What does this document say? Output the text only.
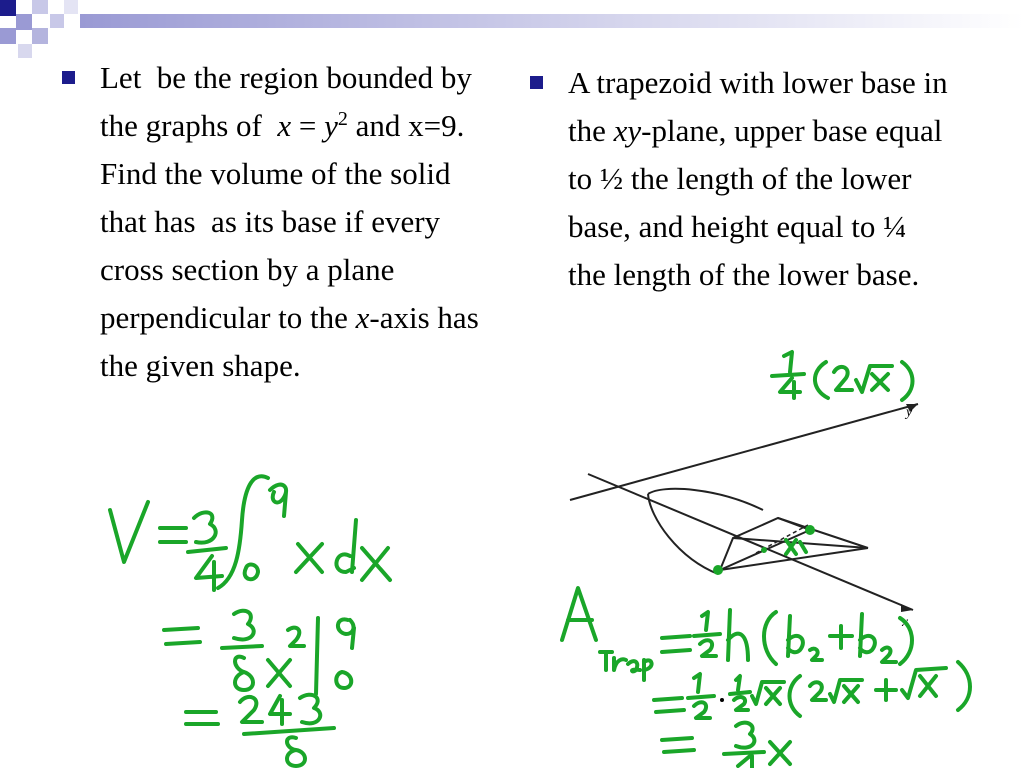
Let  be the region bounded by the graphs of  $x = y^2$ and x=9.  Find the volume of the solid that has  as its base if every cross section by a plane perpendicular to the x-axis has the given shape.

A trapezoid with lower base in the xy-plane, upper base equal to ½ the length of the lower base, and height equal to ¼ the length of the lower base.

y
x
